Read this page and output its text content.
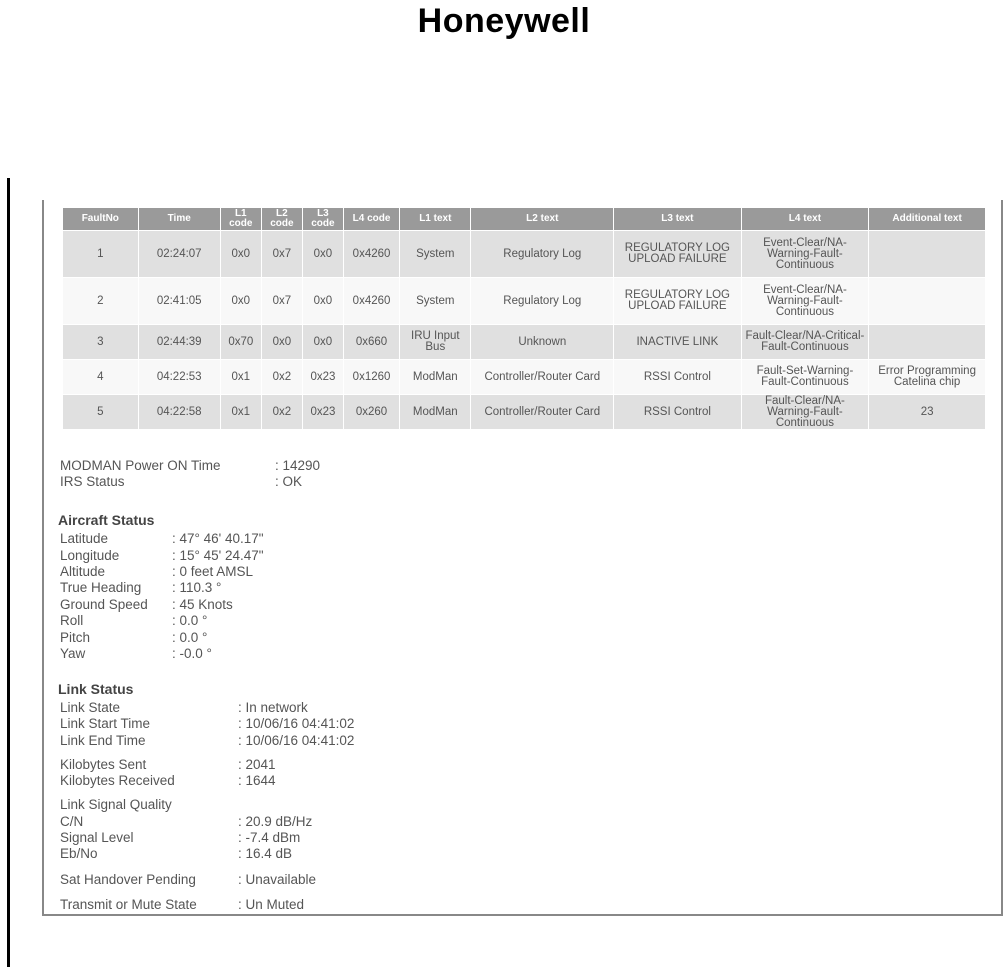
Honeywell
FaultNo	Time	L1 code	L2 code	L3 code	L4 code	L1 text	L2 text	L3 text	L4 text	Additional text
1	02:24:07	0x0	0x7	0x0	0x4260	System	Regulatory Log	REGULATORY LOG UPLOAD FAILURE	Event-Clear/NA-Warning-Fault-Continuous	
2	02:41:05	0x0	0x7	0x0	0x4260	System	Regulatory Log	REGULATORY LOG UPLOAD FAILURE	Event-Clear/NA-Warning-Fault-Continuous	
3	02:44:39	0x70	0x0	0x0	0x660	IRU Input Bus	Unknown	INACTIVE LINK	Fault-Clear/NA-Critical-Fault-Continuous	
4	04:22:53	0x1	0x2	0x23	0x1260	ModMan	Controller/Router Card	RSSI Control	Fault-Set-Warning-Fault-Continuous	Error Programming Catelina chip
5	04:22:58	0x1	0x2	0x23	0x260	ModMan	Controller/Router Card	RSSI Control	Fault-Clear/NA-Warning-Fault-Continuous	23
MODMAN Power ON Time	: 14290
IRS Status	: OK
Aircraft Status
Latitude	: 47° 46' 40.17"
Longitude	: 15° 45' 24.47"
Altitude	: 0 feet AMSL
True Heading : 110.3 °
Ground Speed : 45 Knots
Roll	: 0.0 °
Pitch	: 0.0 °
Yaw	: -0.0 °
Link Status
Link State	: In network
Link Start Time	: 10/06/16 04:41:02
Link End Time	: 10/06/16 04:41:02
Kilobytes Sent	: 2041
Kilobytes Received	: 1644
Link Signal Quality
C/N	: 20.9 dB/Hz
Signal Level	: -7.4 dBm
Eb/No	: 16.4 dB
Sat Handover Pending	: Unavailable
Transmit or Mute State	: Un Muted
